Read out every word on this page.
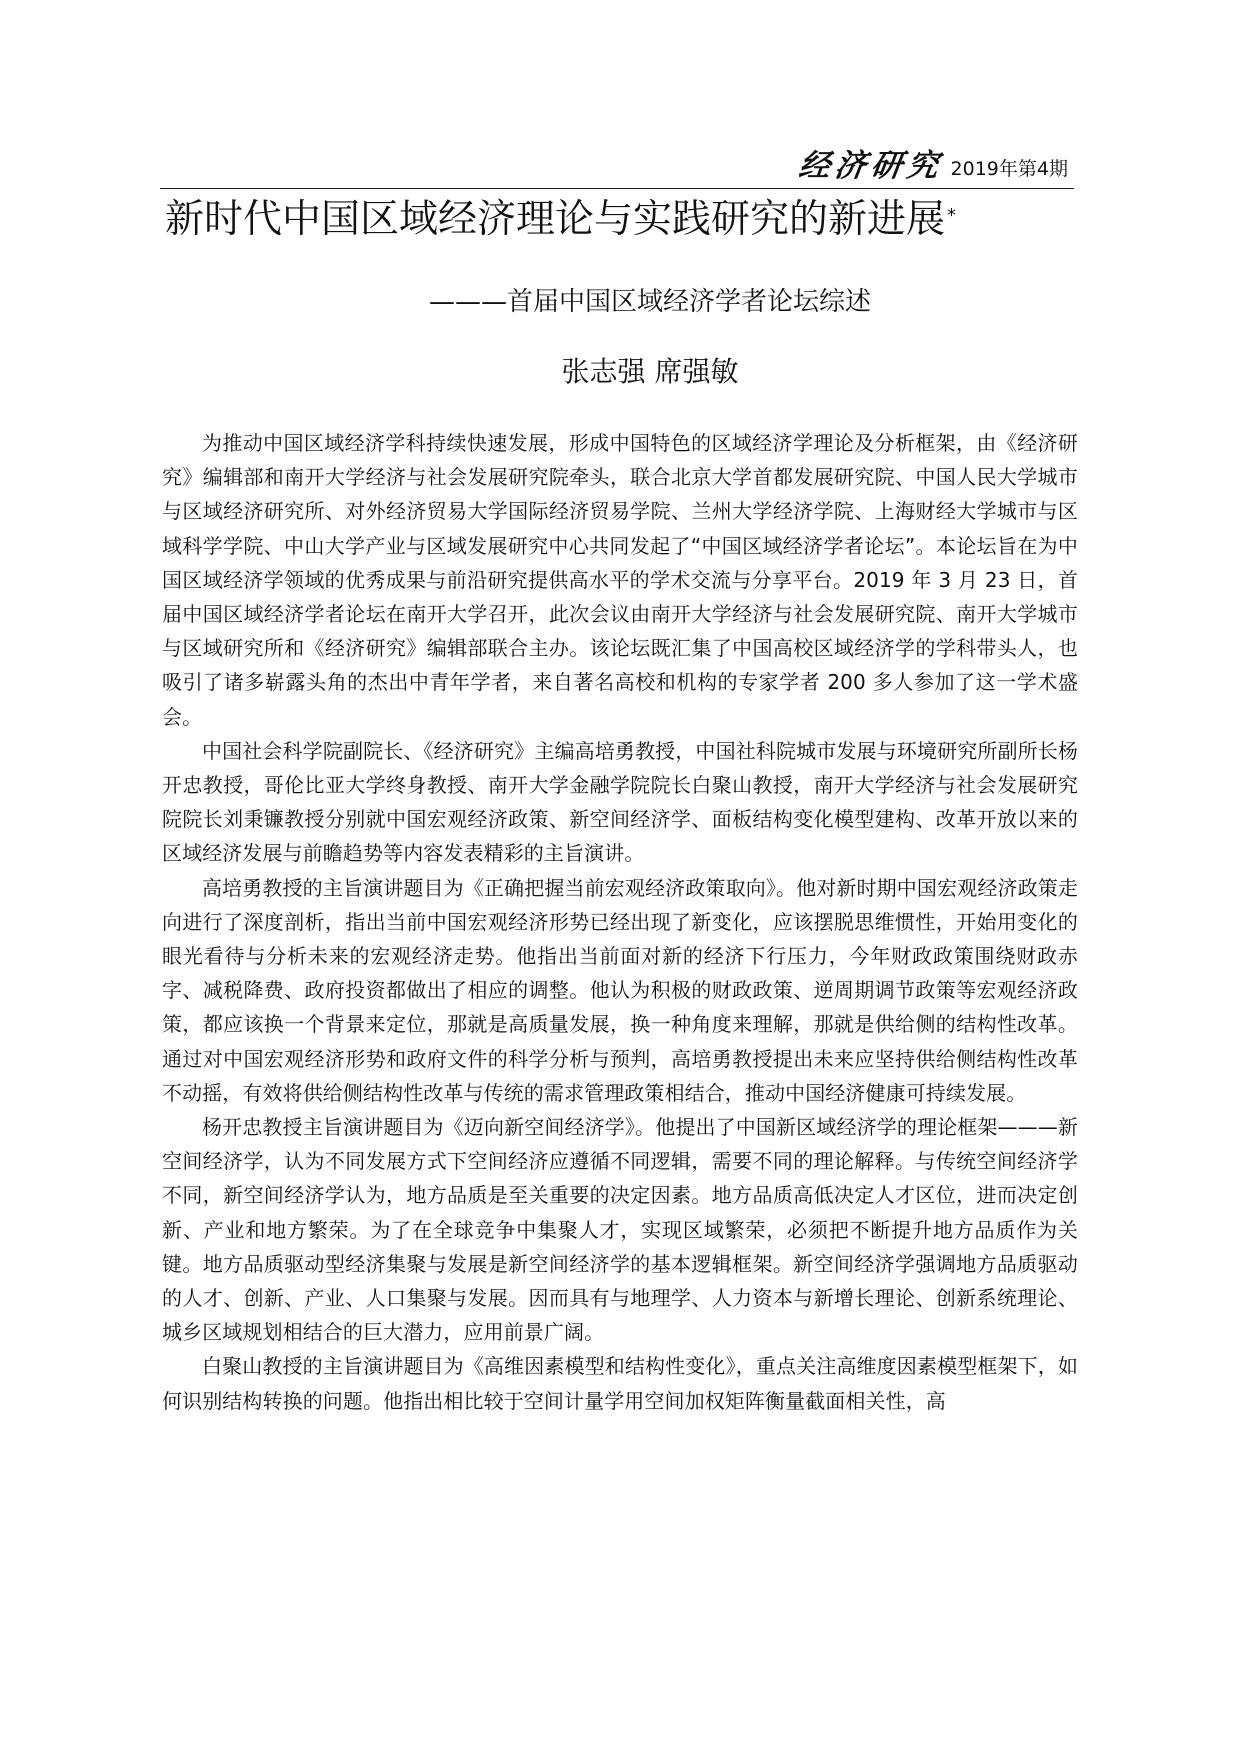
经济研究 2019年第4期
新时代中国区域经济理论与实践研究的新进展 *

———首届中国区域经济学者论坛综述

张志强 席强敏

为推动中国区域经济学科持续快速发展，形成中国特色的区域经济学理论及分析框架，由《经济研究》编辑部和南开大学经济与社会发展研究院牵头，联合北京大学首都发展研究院、中国人民大学城市与区域经济研究所、对外经济贸易大学国际经济贸易学院、兰州大学经济学院、上海财经大学城市与区域科学学院、中山大学产业与区域发展研究中心共同发起了“中国区域经济学者论坛”。本论坛旨在为中国区域经济学领域的优秀成果与前沿研究提供高水平的学术交流与分享平台。2019 年 3 月 23 日，首届中国区域经济学者论坛在南开大学召开，此次会议由南开大学经济与社会发展研究院、南开大学城市与区域研究所和《经济研究》编辑部联合主办。该论坛既汇集了中国高校区域经济学的学科带头人，也吸引了诸多崭露头角的杰出中青年学者，来自著名高校和机构的专家学者 200 多人参加了这一学术盛会。

中国社会科学院副院长、《经济研究》主编高培勇教授，中国社科院城市发展与环境研究所副所长杨开忠教授，哥伦比亚大学终身教授、南开大学金融学院院长白聚山教授，南开大学经济与社会发展研究院院长刘秉镰教授分别就中国宏观经济政策、新空间经济学、面板结构变化模型建构、改革开放以来的区域经济发展与前瞻趋势等内容发表精彩的主旨演讲。

高培勇教授的主旨演讲题目为《正确把握当前宏观经济政策取向》。他对新时期中国宏观经济政策走向进行了深度剖析，指出当前中国宏观经济形势已经出现了新变化，应该摆脱思维惯性，开始用变化的眼光看待与分析未来的宏观经济走势。他指出当前面对新的经济下行压力，今年财政政策围绕财政赤字、减税降费、政府投资都做出了相应的调整。他认为积极的财政政策、逆周期调节政策等宏观经济政策，都应该换一个背景来定位，那就是高质量发展，换一种角度来理解，那就是供给侧的结构性改革。通过对中国宏观经济形势和政府文件的科学分析与预判，高培勇教授提出未来应坚持供给侧结构性改革不动摇，有效将供给侧结构性改革与传统的需求管理政策相结合，推动中国经济健康可持续发展。

杨开忠教授主旨演讲题目为《迈向新空间经济学》。他提出了中国新区域经济学的理论框架———新空间经济学，认为不同发展方式下空间经济应遵循不同逻辑，需要不同的理论解释。与传统空间经济学不同，新空间经济学认为，地方品质是至关重要的决定因素。地方品质高低决定人才区位，进而决定创新、产业和地方繁荣。为了在全球竞争中集聚人才，实现区域繁荣，必须把不断提升地方品质作为关键。地方品质驱动型经济集聚与发展是新空间经济学的基本逻辑框架。新空间经济学强调地方品质驱动的人才、创新、产业、人口集聚与发展。因而具有与地理学、人力资本与新增长理论、创新系统理论、城乡区域规划相结合的巨大潜力，应用前景广阔。

白聚山教授的主旨演讲题目为《高维因素模型和结构性变化》，重点关注高维度因素模型框架下，如何识别结构转换的问题。他指出相比较于空间计量学用空间加权矩阵衡量截面相关性，高
